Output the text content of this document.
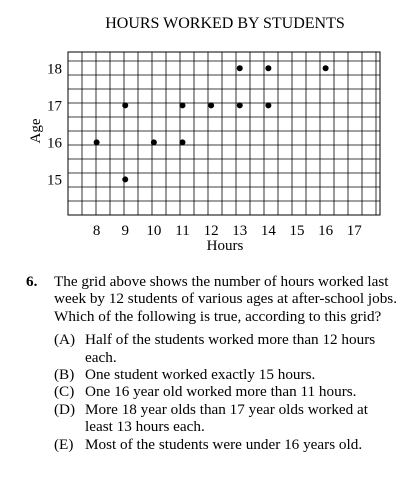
HOURS WORKED BY STUDENTS
8 9 10 11 12 13 14 15 16 17
15
16
17
18
Hours
Age
6.	The grid above shows the number of hours worked last week by 12 students of various ages at after-school jobs. Which of the following is true, according to this grid?
(A) Half of the students worked more than 12 hours each.
(B) One student worked exactly 15 hours.
(C) One 16 year old worked more than 11 hours.
(D) More 18 year olds than 17 year olds worked at least 13 hours each.
(E) Most of the students were under 16 years old.
